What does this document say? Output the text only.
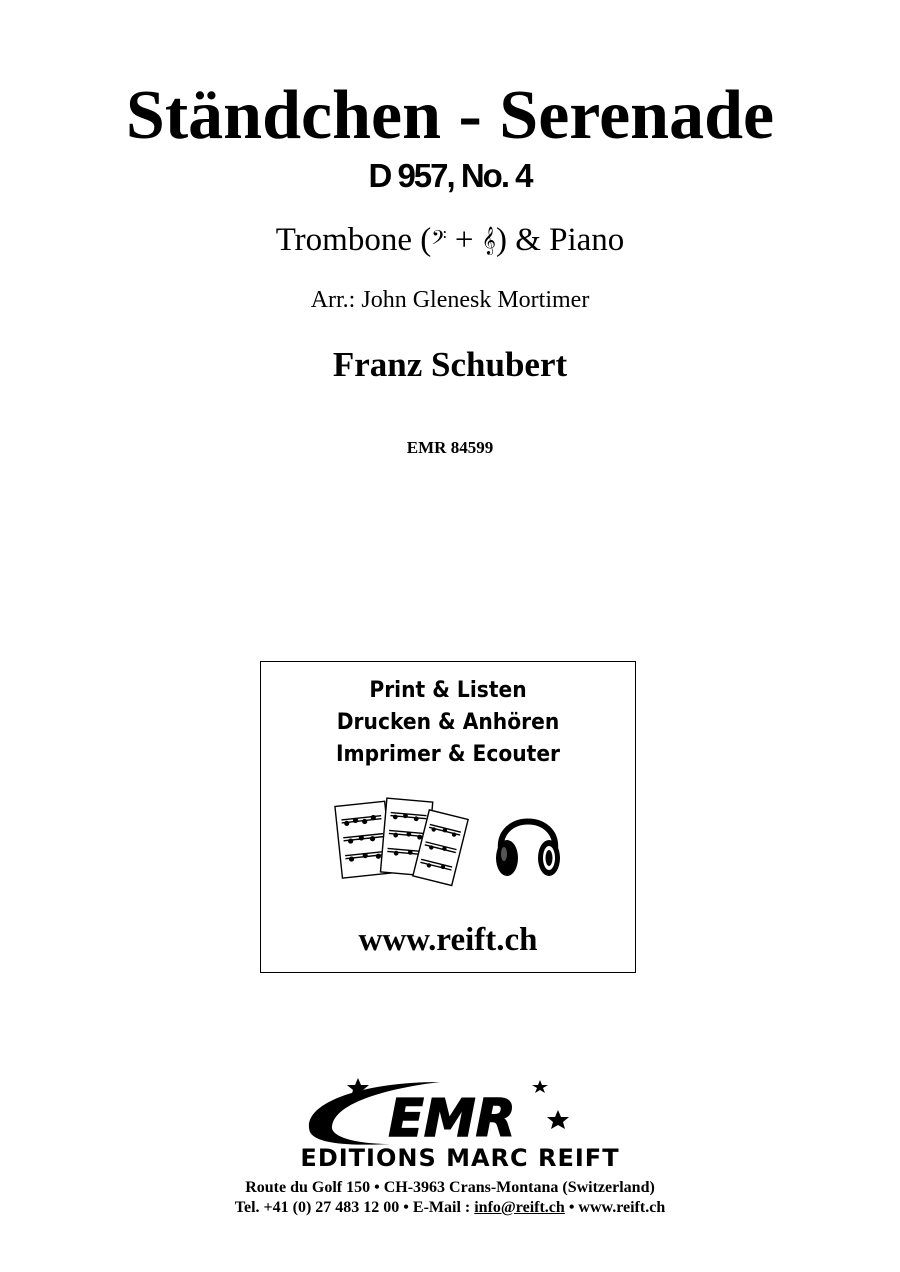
Ständchen - Serenade
D 957, No. 4
Trombone (𝄢 + 𝄞) & Piano
Arr.: John Glenesk Mortimer
Franz Schubert
EMR 84599
Print & Listen
Drucken & Anhören
Imprimer & Ecouter
www.reift.ch
EMR
EDITIONS MARC REIFT
Route du Golf 150 • CH-3963 Crans-Montana (Switzerland)
Tel. +41 (0) 27 483 12 00 • E-Mail : info@reift.ch • www.reift.ch
